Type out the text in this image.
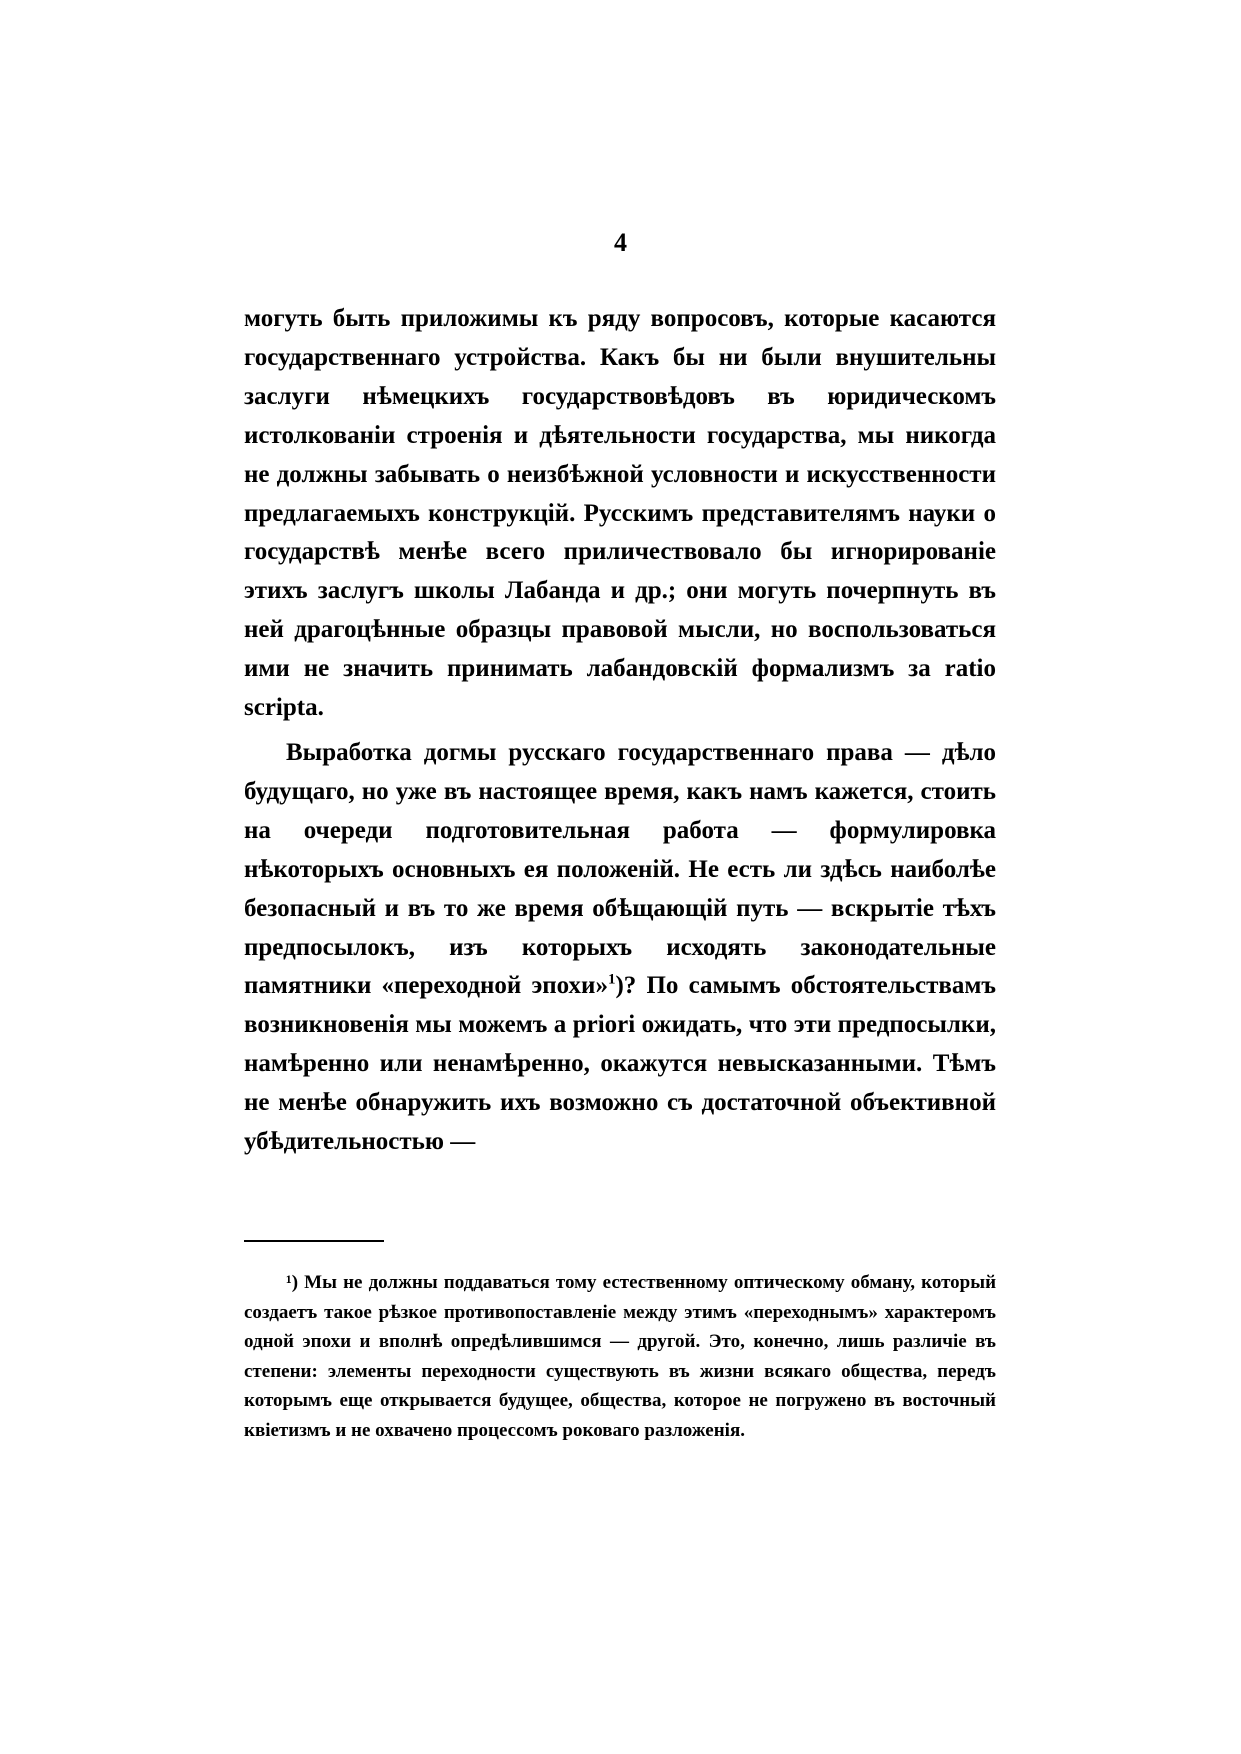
4

могуть быть приложимы къ ряду вопросовъ, которые касаются государственнаго устройства. Какъ бы ни были внушительны заслуги нѣмецкихъ государствовѣдовъ въ юридическомъ истолкованіи строенія и дѣятельности государства, мы никогда не должны забывать о неизбѣжной условности и искусственности предлагаемыхъ конструкцій. Русскимъ представителямъ науки о государствѣ менѣе всего приличествовало бы игнорированіе этихъ заслугъ школы Лабанда и др.; они могуть почерпнуть въ ней драгоцѣнные образцы правовой мысли, но воспользоваться ими не значить принимать лабандовскій формализмъ за ratio scripta.

Выработка догмы русскаго государственнаго права — дѣло будущаго, но уже въ настоящее время, какъ намъ кажется, стоить на очереди подготовительная работа — формулировка нѣкоторыхъ основныхъ ея положеній. Не есть ли здѣсь наиболѣе безопасный и въ то же время обѣщающій путь — вскрытіе тѣхъ предпосылокъ, изъ которыхъ исходять законодательные памятники «переходной эпохи»$^1$)? По самымъ обстоятельствамъ возникновенія мы можемъ a priori ожидать, что эти предпосылки, намѣренно или ненамѣренно, окажутся невысказанными. Тѣмъ не менѣе обнаружить ихъ возможно съ достаточной объективной убѣдительностью —

¹) Мы не должны поддаваться тому естественному оптическому обману, который создаетъ такое рѣзкое противопоставленіе между этимъ «переходнымъ» характеромъ одной эпохи и вполнѣ опредѣлившимся — другой. Это, конечно, лишь различіе въ степени: элементы переходности существують въ жизни всякаго общества, передъ которымъ еще открывается будущее, общества, которое не погружено въ восточный квіетизмъ и не охвачено процессомъ роковаго разложенія.
